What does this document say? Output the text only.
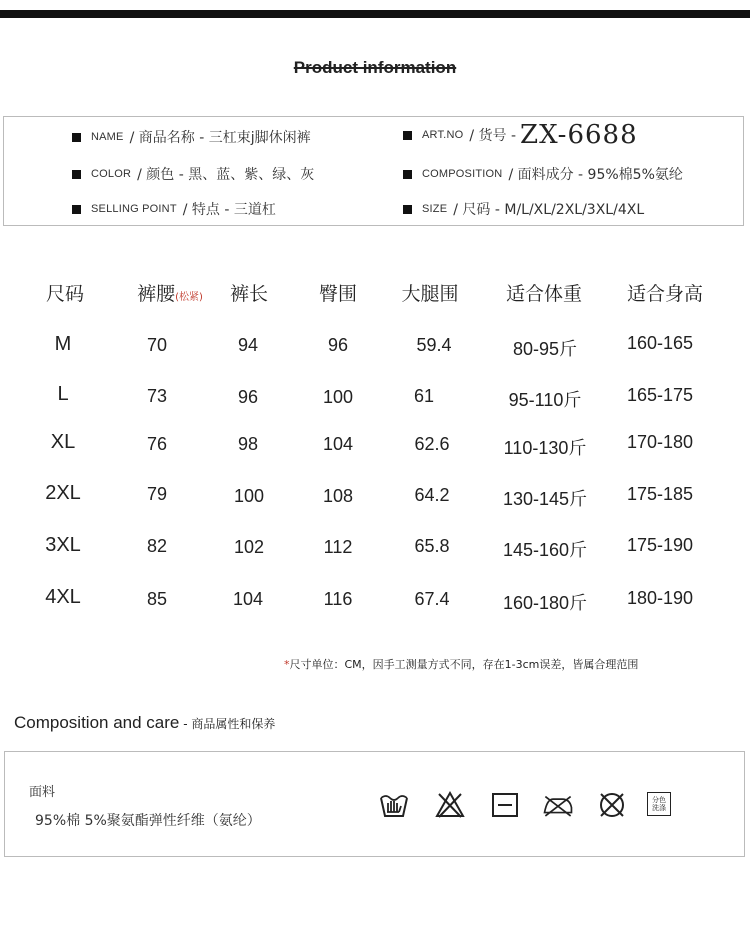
Product information
NAME / 商品名称 - 三杠束j脚休闲裤	ART.NO / 货号 - ZX-6688
COLOR / 颜色 - 黑、蓝、紫、绿、灰	COMPOSITION / 面料成分 - 95%棉5%氨纶
SELLING POINT / 特点 - 三道杠	SIZE / 尺码 - M/L/XL/2XL/3XL/4XL
尺码	裤腰(松紧) 裤长	臀围 大腿围 适合体重 适合身高
M	70	94	96	59.4	80-95斤	160-165
L	73	96	100	61	95-110斤	165-175
XL	76	98	104	62.6	110-130斤 170-180
2XL	79	100	108	64.2	130-145斤 175-185
3XL	82	102	112	65.8	145-160斤 175-190
4XL	85	104	116	67.4	160-180斤 180-190
*尺寸单位：CM，因手工测量方式不同，存在1-3cm误差，皆属合理范围
Composition and care - 商品属性和保养
面料
95%棉 5%聚氨酯弹性纤维（氨纶）
分色洗涤
